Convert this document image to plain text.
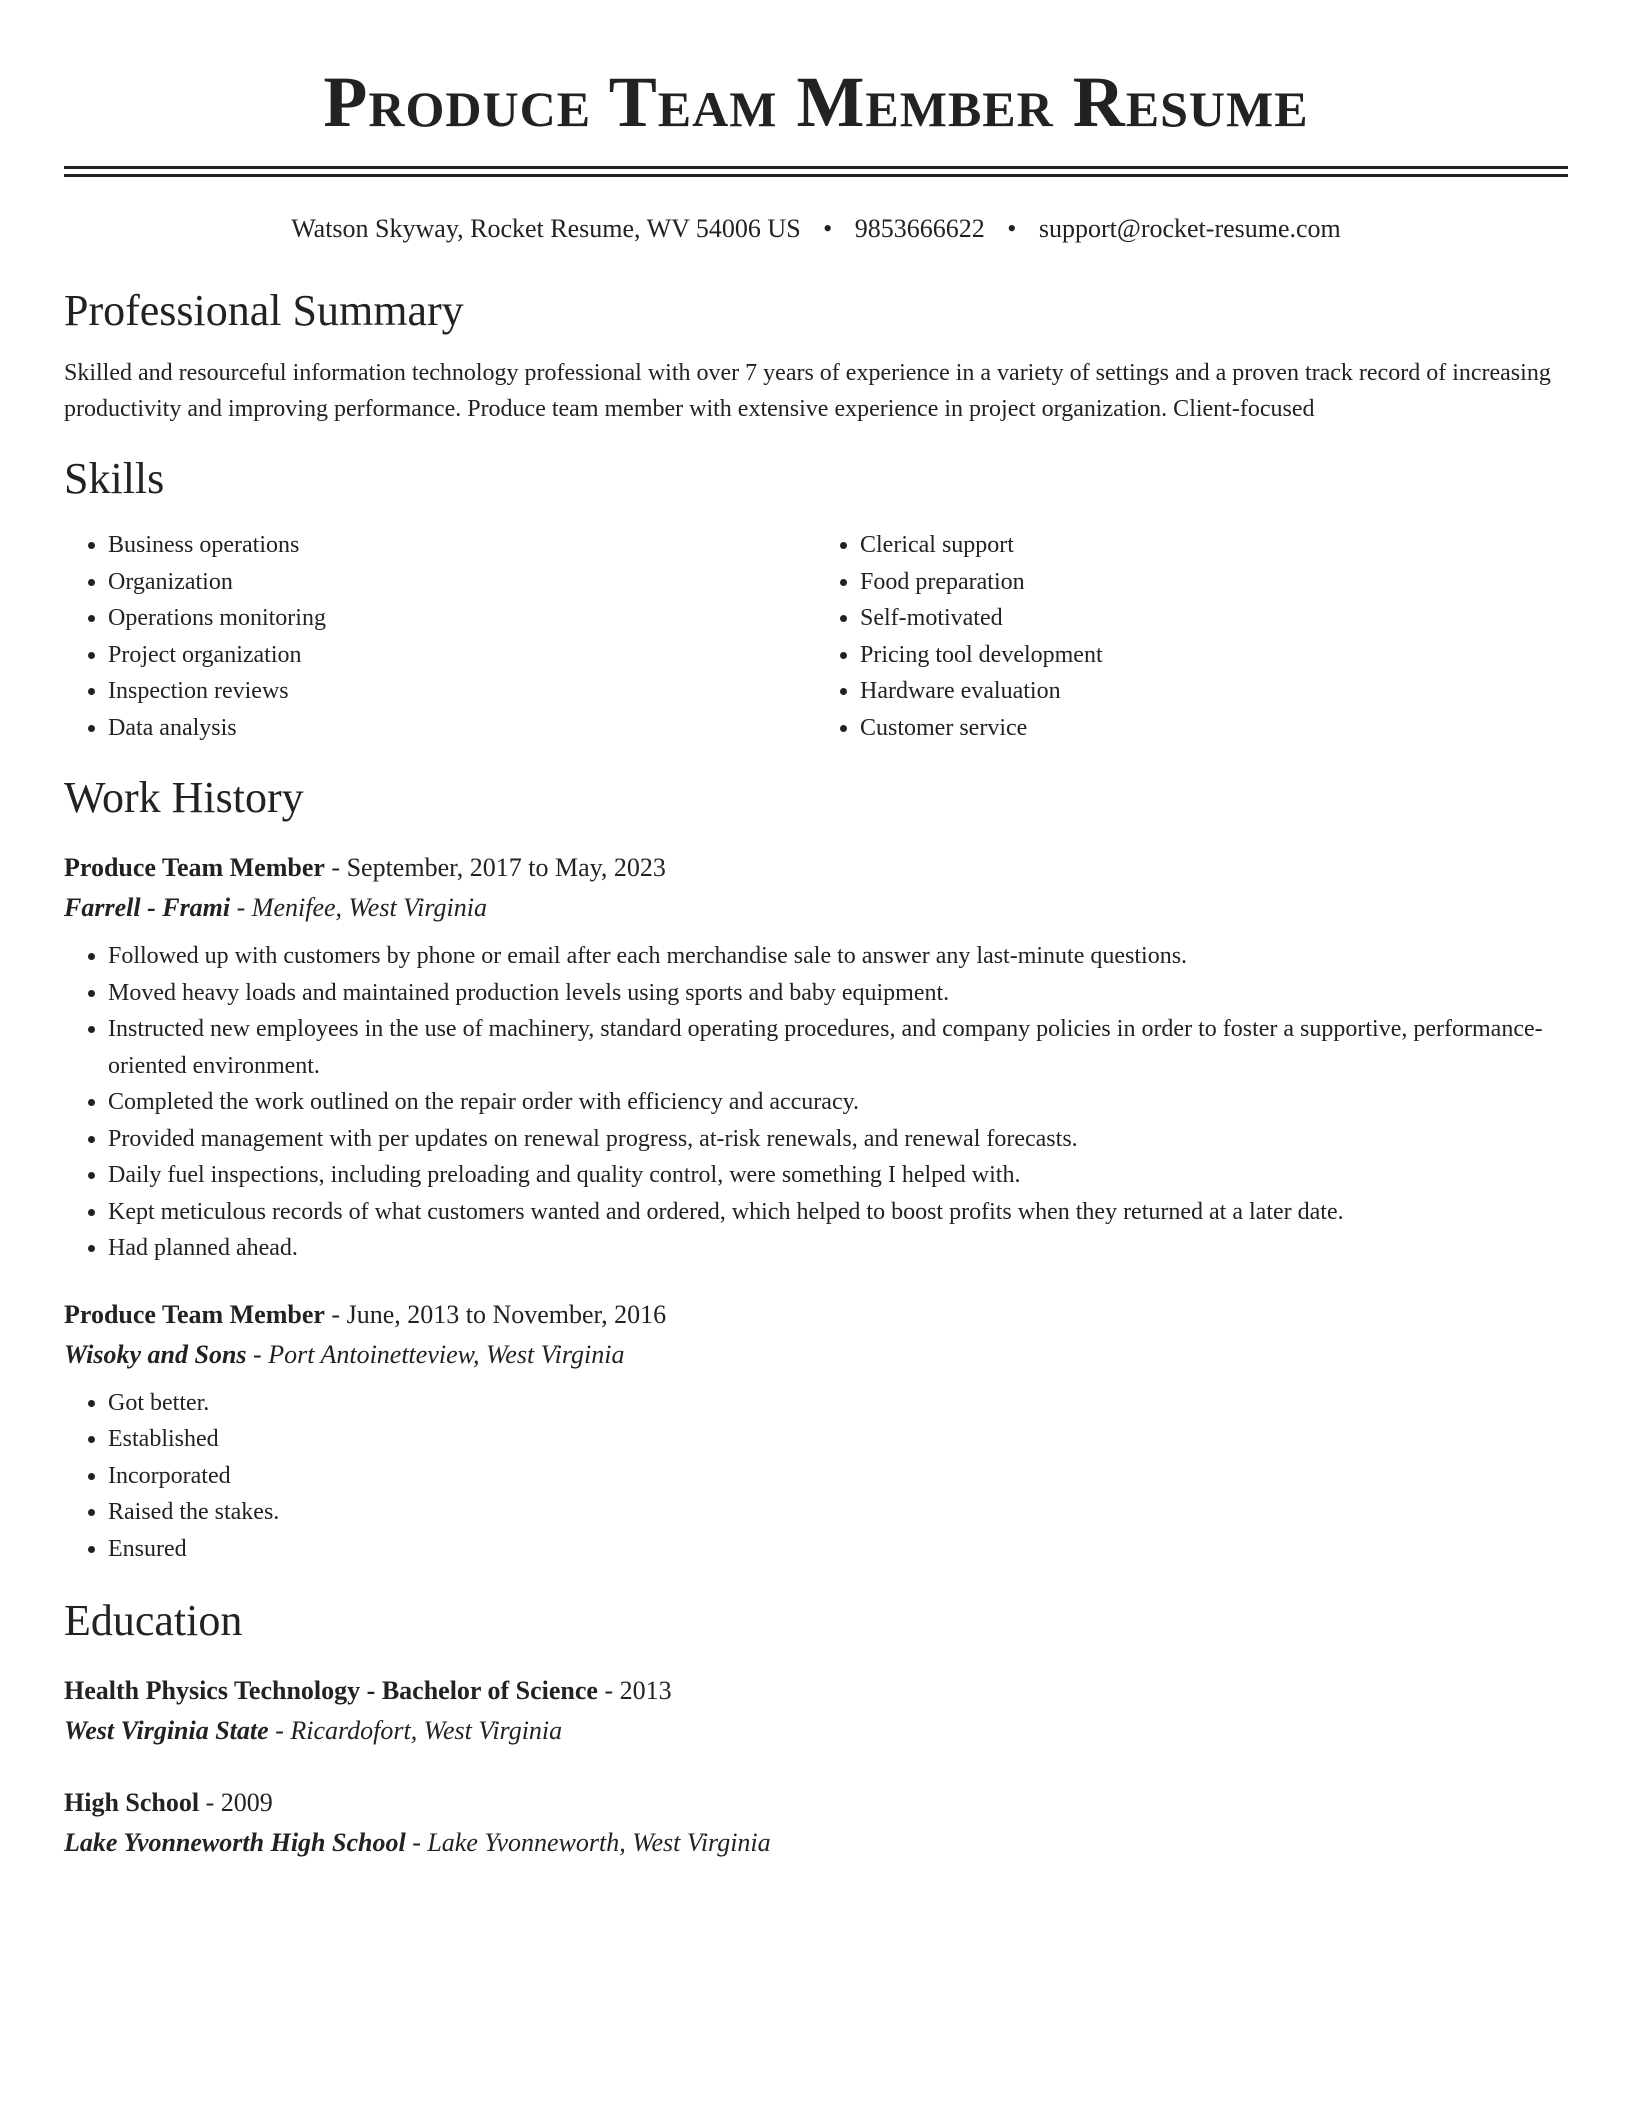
Produce Team Member Resume
Watson Skyway, Rocket Resume, WV 54006 US • 9853666622 • support@rocket-resume.com
Professional Summary

Skilled and resourceful information technology professional with over 7 years of experience in a variety of settings and a proven track record of increasing productivity and improving performance. Produce team member with extensive experience in project organization. Client-focused

Skills
• Business operations
• Organization
• Operations monitoring
• Project organization
• Inspection reviews
• Data analysis
• Clerical support
• Food preparation
• Self-motivated
• Pricing tool development
• Hardware evaluation
• Customer service
Work History
Produce Team Member - September, 2017 to May, 2023
Farrell - Frami - Menifee, West Virginia
• Followed up with customers by phone or email after each merchandise sale to answer any last-minute questions.
• Moved heavy loads and maintained production levels using sports and baby equipment.
• Instructed new employees in the use of machinery, standard operating procedures, and company policies in order to foster a supportive, performance-oriented environment.
• Completed the work outlined on the repair order with efficiency and accuracy.
• Provided management with per updates on renewal progress, at-risk renewals, and renewal forecasts.
• Daily fuel inspections, including preloading and quality control, were something I helped with.
• Kept meticulous records of what customers wanted and ordered, which helped to boost profits when they returned at a later date.
• Had planned ahead.
Produce Team Member - June, 2013 to November, 2016
Wisoky and Sons - Port Antoinetteview, West Virginia
• Got better.
• Established
• Incorporated
• Raised the stakes.
• Ensured
Education
Health Physics Technology - Bachelor of Science - 2013
West Virginia State - Ricardofort, West Virginia
High School - 2009
Lake Yvonneworth High School - Lake Yvonneworth, West Virginia
